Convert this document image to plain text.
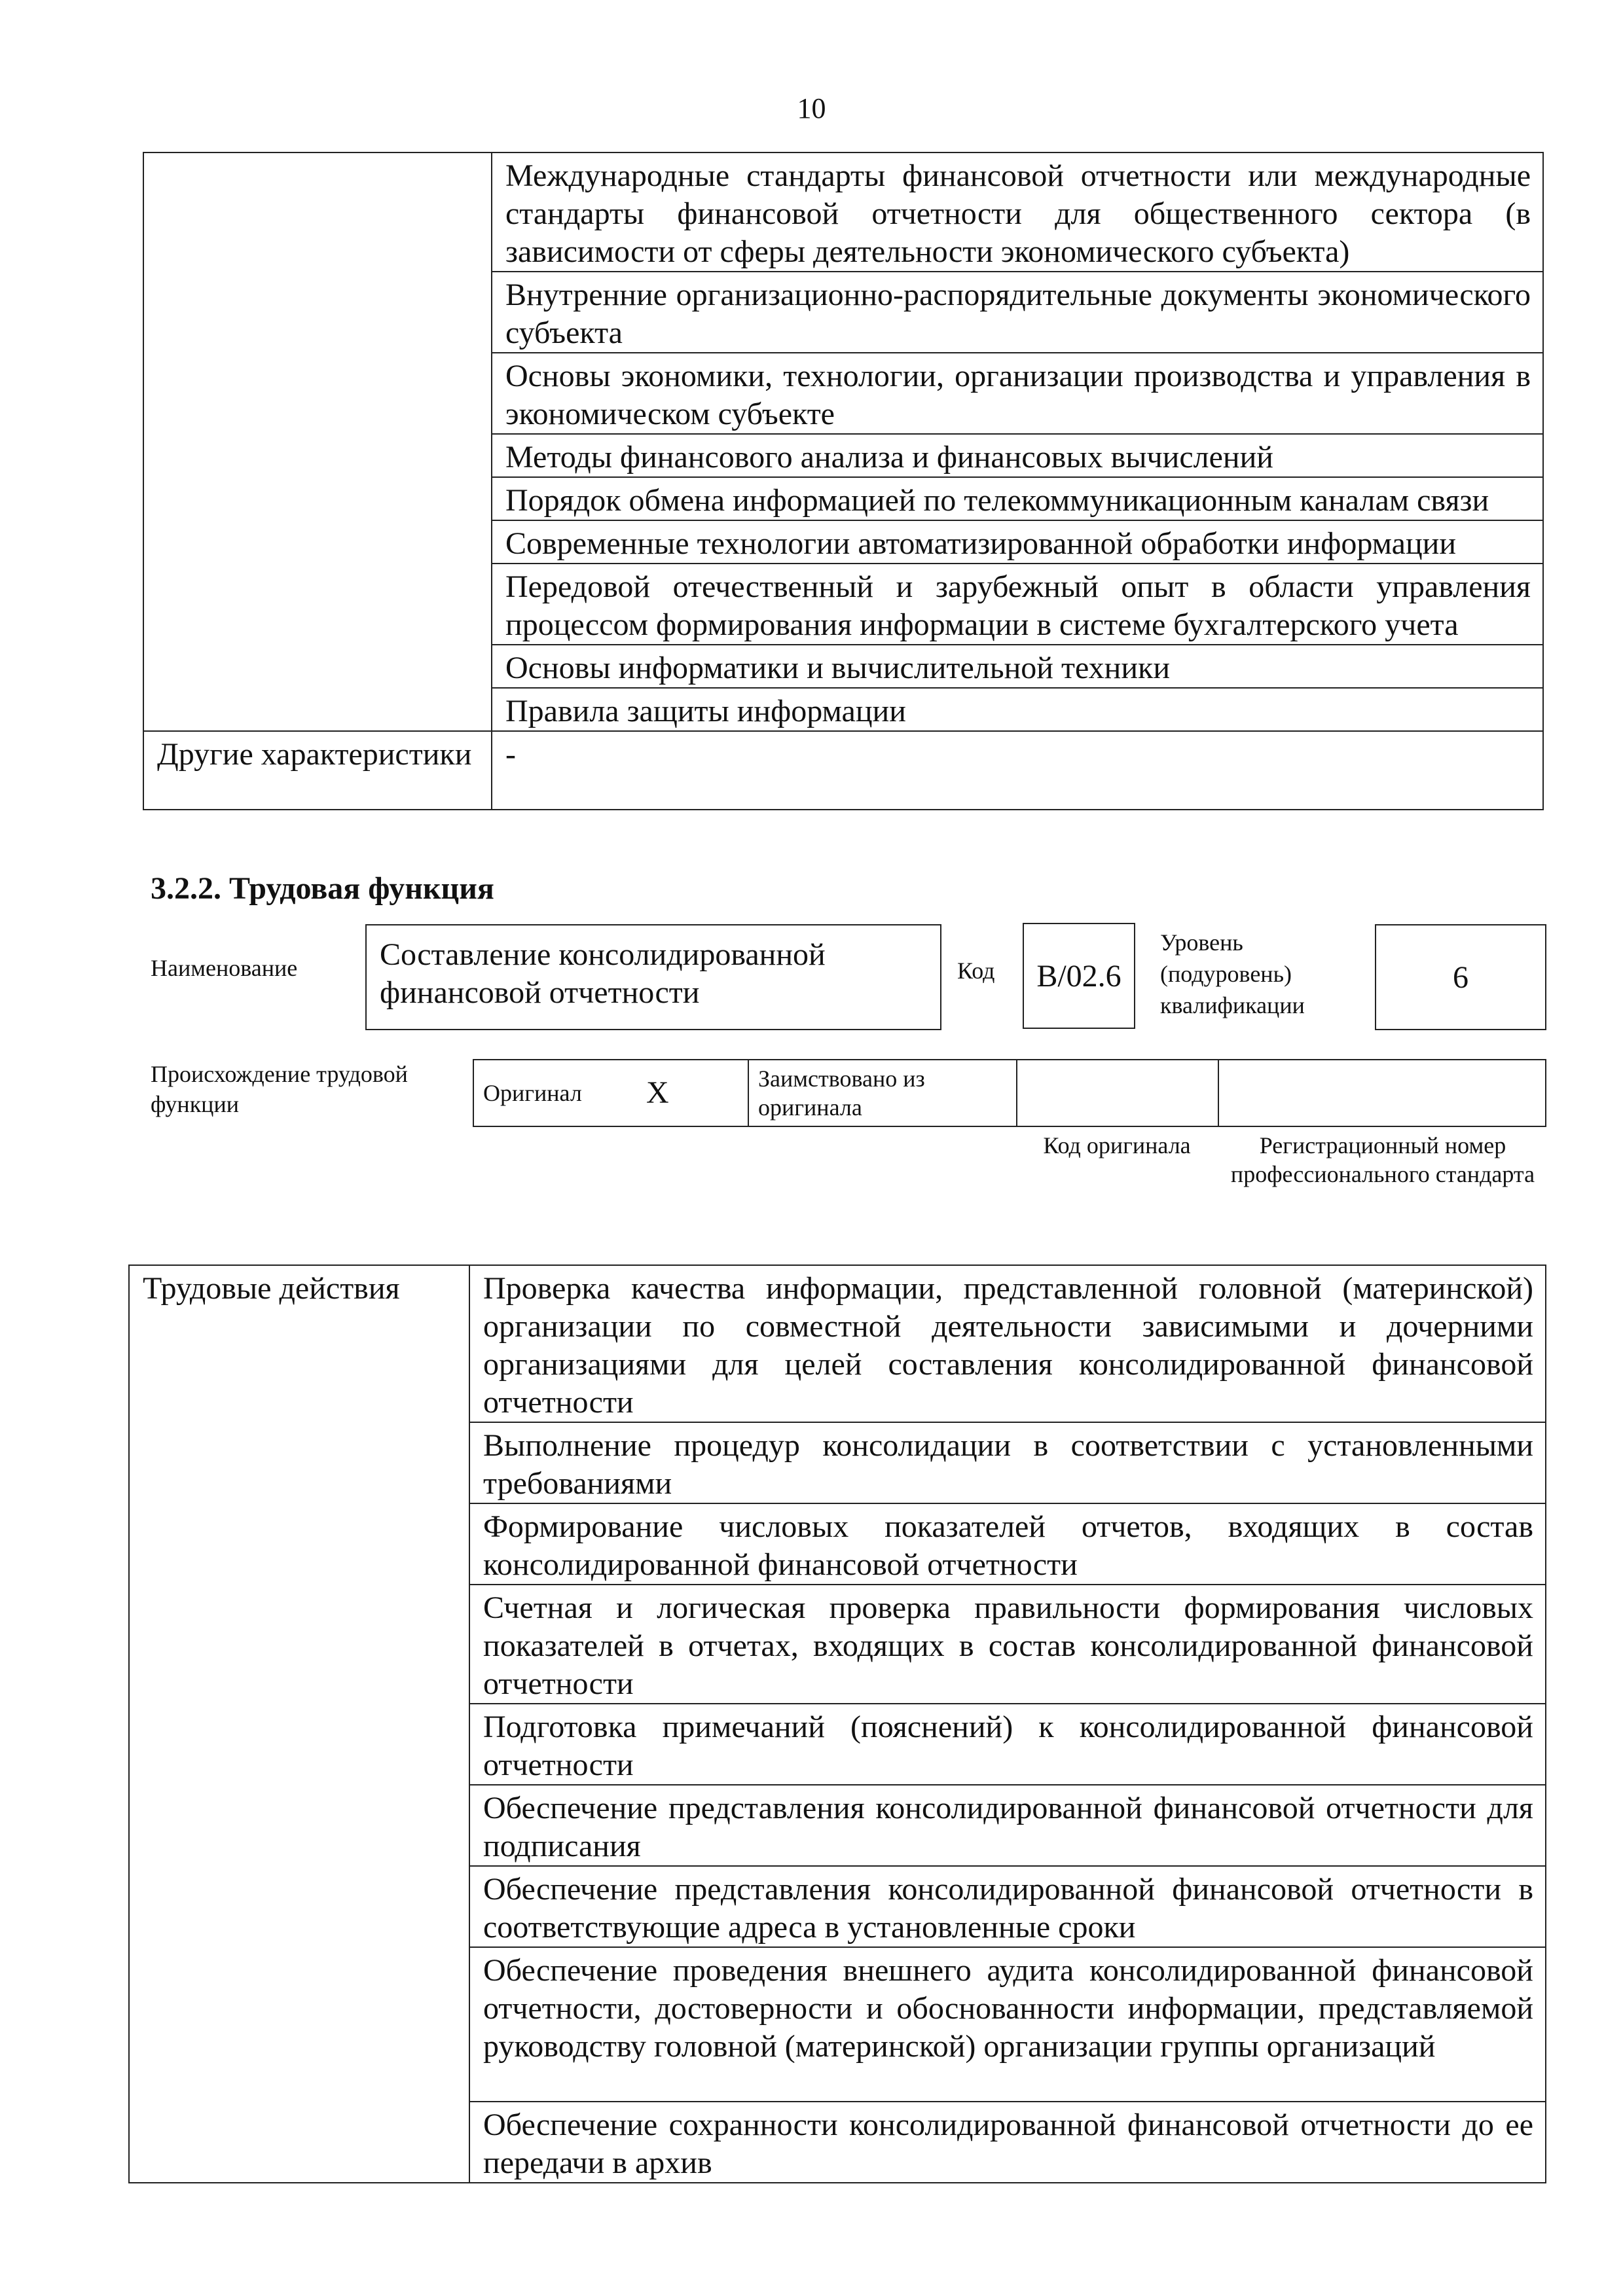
10
	Международные стандарты финансовой отчетности или международные стандарты финансовой отчетности для общественного сектора (в зависимости от сферы деятельности экономического субъекта)
	Внутренние организационно-распорядительные документы экономического субъекта
	Основы экономики, технологии, организации производства и управления в экономическом субъекте
	Методы финансового анализа и финансовых вычислений
	Порядок обмена информацией по телекоммуникационным каналам связи
	Современные технологии автоматизированной обработки информации
	Передовой отечественный и зарубежный опыт в области управления процессом формирования информации в системе бухгалтерского учета
	Основы информатики и вычислительной техники
	Правила защиты информации
Другие характеристики	-
3.2.2. Трудовая функция
Наименование	Составление консолидированной финансовой отчетности
Код	B/02.6
Уровень (подуровень) квалификации
6
Происхождение трудовой функции	Оригинал	X	Заимствовано из оригинала		
Код оригинала	Регистрационный номер профессионального стандарта
Трудовые действия	Проверка качества информации, представленной головной (материнской) организации по совместной деятельности зависимыми и дочерними организациями для целей составления консолидированной финансовой отчетности
Выполнение процедур консолидации в соответствии с установленными требованиями
Формирование числовых показателей отчетов, входящих в состав консолидированной финансовой отчетности
Счетная и логическая проверка правильности формирования числовых показателей в отчетах, входящих в состав консолидированной финансовой отчетности
Подготовка примечаний (пояснений) к консолидированной финансовой отчетности
Обеспечение представления консолидированной финансовой отчетности для подписания
Обеспечение представления консолидированной финансовой отчетности в соответствующие адреса в установленные сроки
Обеспечение проведения внешнего аудита консолидированной финансовой отчетности, достоверности и обоснованности информации, представляемой руководству головной (материнской) организации группы организаций
Обеспечение сохранности консолидированной финансовой отчетности до ее передачи в архив
